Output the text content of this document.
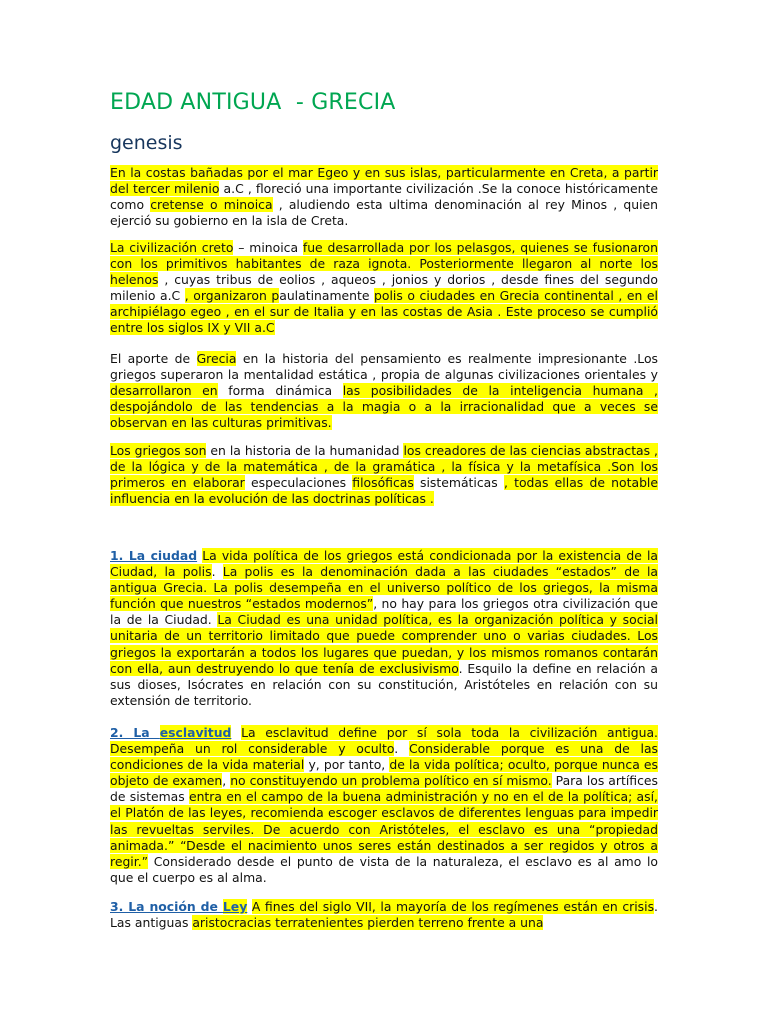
EDAD ANTIGUA  - GRECIA
genesis

En la costas bañadas por el mar Egeo y en sus islas, particularmente en Creta, a partir del tercer milenio a.C , floreció una importante civilización .Se la conoce históricamente como cretense o minoica , aludiendo esta ultima denominación al rey Minos , quien ejerció su gobierno en la isla de Creta.

La civilización creto – minoica fue desarrollada por los pelasgos, quienes se fusionaron con los primitivos habitantes de raza ignota. Posteriormente llegaron al norte los helenos , cuyas tribus de eolios , aqueos , jonios y dorios , desde fines del segundo milenio a.C , organizaron paulatinamente polis o ciudades en Grecia continental , en el archipiélago egeo , en el sur de Italia y en las costas de Asia . Este proceso se cumplió entre los siglos IX y VII a.C

El aporte de Grecia en la historia del pensamiento es realmente impresionante .Los griegos superaron la mentalidad estática , propia de algunas civilizaciones orientales y desarrollaron en forma dinámica las posibilidades de la inteligencia humana , despojándolo de las tendencias a la magia o a la irracionalidad que a veces se observan en las culturas primitivas.

Los griegos son en la historia de la humanidad los creadores de las ciencias abstractas , de la lógica y de la matemática , de la gramática , la física y la metafísica .Son los primeros en elaborar especulaciones filosóficas sistemáticas , todas ellas de notable influencia en la evolución de las doctrinas políticas .

1. La ciudad La vida política de los griegos está condicionada por la existencia de la Ciudad, la polis. La polis es la denominación dada a las ciudades “estados” de la antigua Grecia. La polis desempeña en el universo político de los griegos, la misma función que nuestros “estados modernos”, no hay para los griegos otra civilización que la de la Ciudad. La Ciudad es una unidad política, es la organización política y social unitaria de un territorio limitado que puede comprender uno o varias ciudades. Los griegos la exportarán a todos los lugares que puedan, y los mismos romanos contarán con ella, aun destruyendo lo que tenía de exclusivismo. Esquilo la define en relación a sus dioses, Isócrates en relación con su constitución, Aristóteles en relación con su extensión de territorio.

2. La esclavitud La esclavitud define por sí sola toda la civilización antigua. Desempeña un rol considerable y oculto. Considerable porque es una de las condiciones de la vida material y, por tanto, de la vida política; oculto, porque nunca es objeto de examen, no constituyendo un problema político en sí mismo. Para los artífices de sistemas entra en el campo de la buena administración y no en el de la política; así, el Platón de las leyes, recomienda escoger esclavos de diferentes lenguas para impedir las revueltas serviles. De acuerdo con Aristóteles, el esclavo es una “propiedad animada.” “Desde el nacimiento unos seres están destinados a ser regidos y otros a regir.” Considerado desde el punto de vista de la naturaleza, el esclavo es al amo lo que el cuerpo es al alma.

3. La noción de Ley A fines del siglo VII, la mayoría de los regímenes están en crisis. Las antiguas aristocracias terratenientes pierden terreno frente a una
